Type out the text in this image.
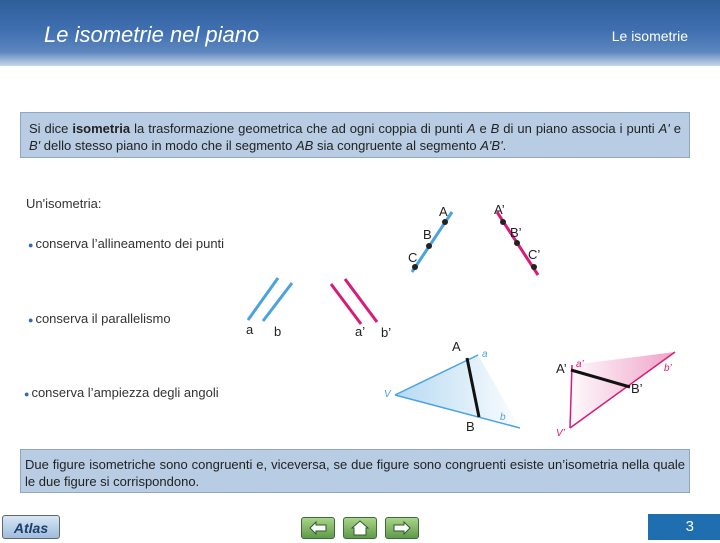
Le isometrie nel piano	Le isometrie
Si dice isometria la trasformazione geometrica che ad ogni coppia di punti A e B di un piano associa i punti A' e B' dello stesso piano in modo che il segmento AB sia congruente al segmento A'B'.
Un'isometria:
● conserva l’allineamento dei punti
● conserva il parallelismo
● conserva l’ampiezza degli angoli
A
B
C
A’
B’
C’
a b	a’ b’
A
B
a
b
V
A’
B’
a’	b’
V’
Due figure isometriche sono congruenti e, viceversa, se due figure sono congruenti esiste un’isometria nella quale le due figure si corrispondono.
Atlas	3
